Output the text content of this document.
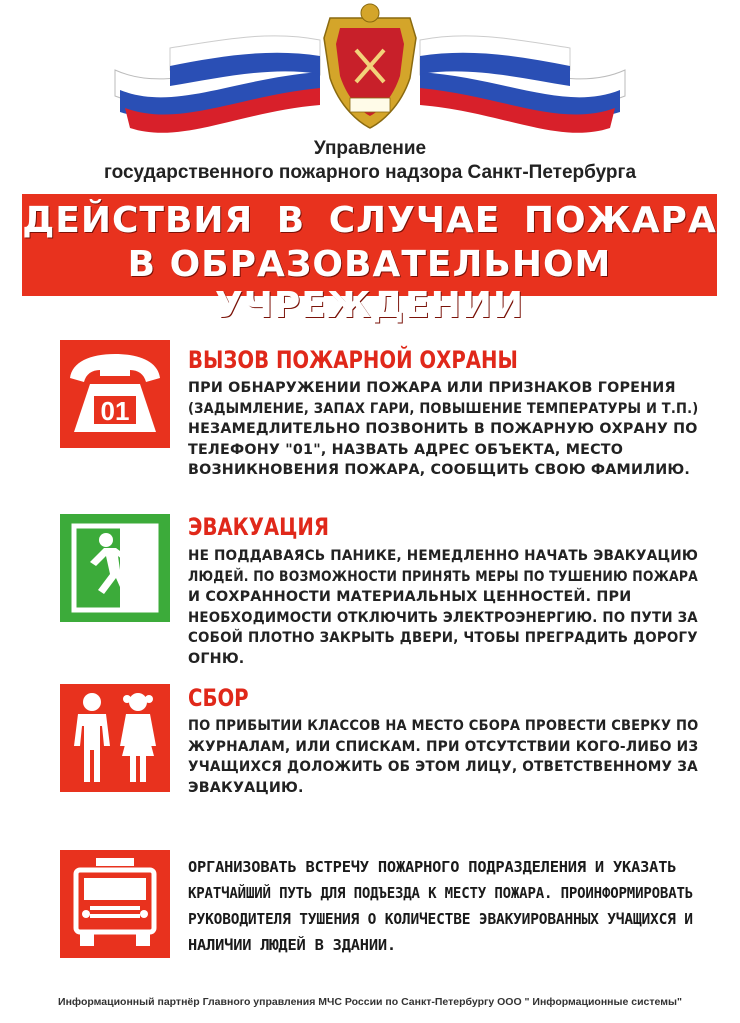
Управление
государственного пожарного надзора Санкт-Петербурга
ДЕЙСТВИЯ В СЛУЧАЕ ПОЖАРА
В ОБРАЗОВАТЕЛЬНОМ УЧРЕЖДЕНИИ
01
ВЫЗОВ ПОЖАРНОЙ ОХРАНЫ
ПРИ ОБНАРУЖЕНИИ ПОЖАРА ИЛИ ПРИЗНАКОВ ГОРЕНИЯ
(ЗАДЫМЛЕНИЕ, ЗАПАХ ГАРИ, ПОВЫШЕНИЕ ТЕМПЕРАТУРЫ И Т.П.)
НЕЗАМЕДЛИТЕЛЬНО ПОЗВОНИТЬ В ПОЖАРНУЮ ОХРАНУ ПО
ТЕЛЕФОНУ "01", НАЗВАТЬ АДРЕС ОБЪЕКТА, МЕСТО
ВОЗНИКНОВЕНИЯ ПОЖАРА, СООБЩИТЬ СВОЮ ФАМИЛИЮ.
ЭВАКУАЦИЯ
НЕ ПОДДАВАЯСЬ ПАНИКЕ, НЕМЕДЛЕННО НАЧАТЬ ЭВАКУАЦИЮ
ЛЮДЕЙ. ПО ВОЗМОЖНОСТИ ПРИНЯТЬ МЕРЫ ПО ТУШЕНИЮ ПОЖАРА
И СОХРАННОСТИ МАТЕРИАЛЬНЫХ ЦЕННОСТЕЙ. ПРИ
НЕОБХОДИМОСТИ ОТКЛЮЧИТЬ ЭЛЕКТРОЭНЕРГИЮ. ПО ПУТИ ЗА
СОБОЙ ПЛОТНО ЗАКРЫТЬ ДВЕРИ, ЧТОБЫ ПРЕГРАДИТЬ ДОРОГУ
ОГНЮ.
СБОР
ПО ПРИБЫТИИ КЛАССОВ НА МЕСТО СБОРА ПРОВЕСТИ СВЕРКУ ПО
ЖУРНАЛАМ, ИЛИ СПИСКАМ. ПРИ ОТСУТСТВИИ КОГО-ЛИБО ИЗ
УЧАЩИХСЯ ДОЛОЖИТЬ ОБ ЭТОМ ЛИЦУ, ОТВЕТСТВЕННОМУ ЗА
ЭВАКУАЦИЮ.
ОРГАНИЗОВАТЬ ВСТРЕЧУ ПОЖАРНОГО ПОДРАЗДЕЛЕНИЯ И УКАЗАТЬ
КРАТЧАЙШИЙ ПУТЬ ДЛЯ ПОДЪЕЗДА К МЕСТУ ПОЖАРА. ПРОИНФОРМИРОВАТЬ
РУКОВОДИТЕЛЯ ТУШЕНИЯ О КОЛИЧЕСТВЕ ЭВАКУИРОВАННЫХ УЧАЩИХСЯ И
НАЛИЧИИ ЛЮДЕЙ В ЗДАНИИ.
Информационный партнёр Главного управления МЧС России по Санкт-Петербургу ООО " Информационные системы"
